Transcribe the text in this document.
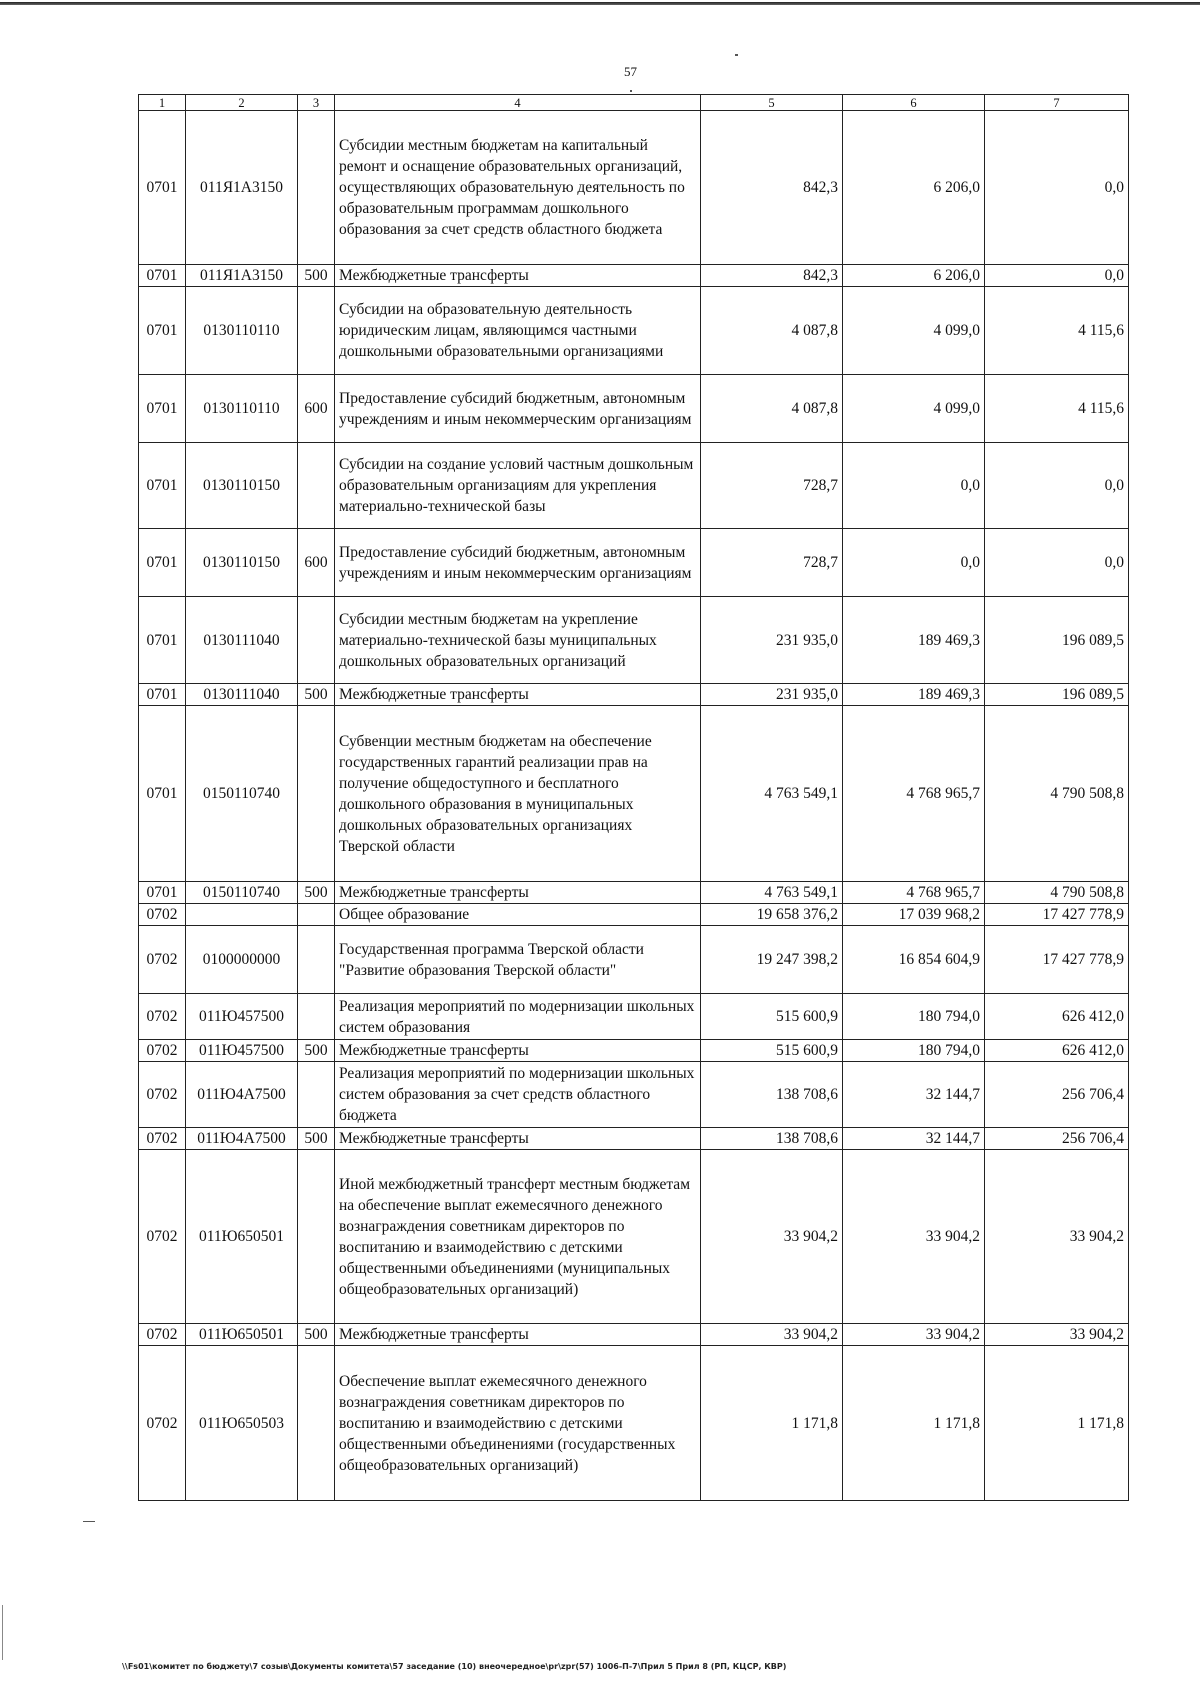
57
1	2	3	4	5	6	7
0701	011Я1А3150		Субсидии местным бюджетам на капитальный ремонт и оснащение образовательных организаций, осуществляющих образовательную деятельность по образовательным программам дошкольного образования за счет средств областного бюджета	842,3	6 206,0	0,0
0701	011Я1А3150	500	Межбюджетные трансферты	842,3	6 206,0	0,0
0701	0130110110		Субсидии на образовательную деятельность юридическим лицам, являющимся частными дошкольными образовательными организациями	4 087,8	4 099,0	4 115,6
0701	0130110110	600	Предоставление субсидий бюджетным, автономным учреждениям и иным некоммерческим организациям	4 087,8	4 099,0	4 115,6
0701	0130110150		Субсидии на создание условий частным дошкольным образовательным организациям для укрепления материально-технической базы	728,7	0,0	0,0
0701	0130110150	600	Предоставление субсидий бюджетным, автономным учреждениям и иным некоммерческим организациям	728,7	0,0	0,0
0701	0130111040		Субсидии местным бюджетам на укрепление материально-технической базы муниципальных дошкольных образовательных организаций	231 935,0	189 469,3	196 089,5
0701	0130111040	500	Межбюджетные трансферты	231 935,0	189 469,3	196 089,5
0701	0150110740		Субвенции местным бюджетам на обеспечение государственных гарантий реализации прав на получение общедоступного и бесплатного дошкольного образования в муниципальных дошкольных образовательных организациях Тверской области	4 763 549,1	4 768 965,7	4 790 508,8
0701	0150110740	500	Межбюджетные трансферты	4 763 549,1	4 768 965,7	4 790 508,8
0702			Общее образование	19 658 376,2	17 039 968,2	17 427 778,9
0702	0100000000		Государственная программа Тверской области "Развитие образования Тверской области"	19 247 398,2	16 854 604,9	17 427 778,9
0702	011Ю457500		Реализация мероприятий по модернизации школьных систем образования	515 600,9	180 794,0	626 412,0
0702	011Ю457500	500	Межбюджетные трансферты	515 600,9	180 794,0	626 412,0
0702	011Ю4А7500		Реализация мероприятий по модернизации школьных систем образования за счет средств областного бюджета	138 708,6	32 144,7	256 706,4
0702	011Ю4А7500	500	Межбюджетные трансферты	138 708,6	32 144,7	256 706,4
0702	011Ю650501		Иной межбюджетный трансферт местным бюджетам на обеспечение выплат ежемесячного денежного вознаграждения советникам директоров по воспитанию и взаимодействию с детскими общественными объединениями (муниципальных общеобразовательных организаций)	33 904,2	33 904,2	33 904,2
0702	011Ю650501	500	Межбюджетные трансферты	33 904,2	33 904,2	33 904,2
0702	011Ю650503		Обеспечение выплат ежемесячного денежного вознаграждения советникам директоров по воспитанию и взаимодействию с детскими общественными объединениями (государственных общеобразовательных организаций)	1 171,8	1 171,8	1 171,8
\\Fs01\комитет по бюджету\7 созыв\Документы комитета\57 заседание (10) внеочередное\pr\zpr(57) 1006-П-7\Прил 5 Прил 8 (РП, КЦСР, КВР)
